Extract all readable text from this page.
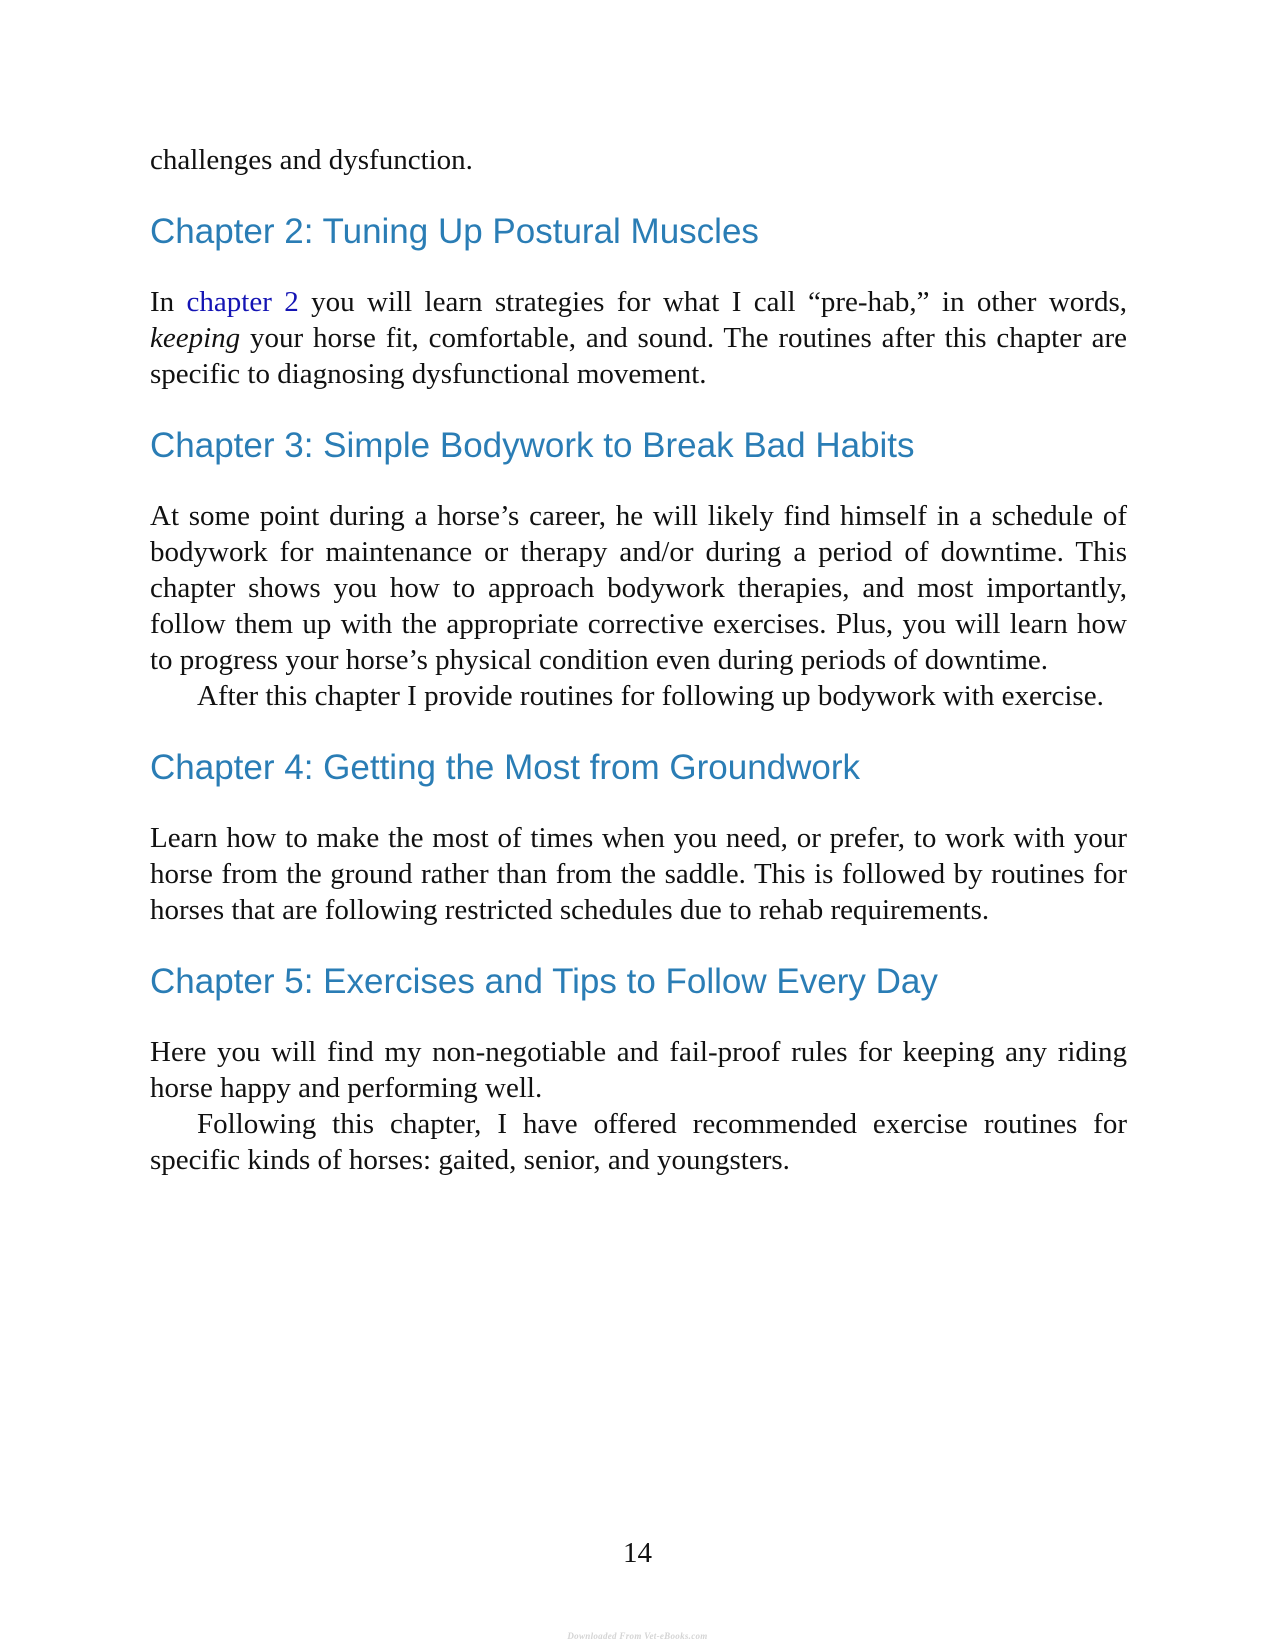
challenges and dysfunction.

Chapter 2: Tuning Up Postural Muscles

In chapter 2 you will learn strategies for what I call “pre-hab,” in other words, keeping your horse fit, comfortable, and sound. The routines after this chapter are specific to diagnosing dysfunctional movement.

Chapter 3: Simple Bodywork to Break Bad Habits

At some point during a horse’s career, he will likely find himself in a schedule of bodywork for maintenance or therapy and/or during a period of downtime. This chapter shows you how to approach bodywork therapies, and most importantly, follow them up with the appropriate corrective exercises. Plus, you will learn how to progress your horse’s physical condition even during periods of downtime.

After this chapter I provide routines for following up bodywork with exercise.

Chapter 4: Getting the Most from Groundwork

Learn how to make the most of times when you need, or prefer, to work with your horse from the ground rather than from the saddle. This is followed by routines for horses that are following restricted schedules due to rehab requirements.

Chapter 5: Exercises and Tips to Follow Every Day

Here you will find my non-negotiable and fail-proof rules for keeping any riding horse happy and performing well.

Following this chapter, I have offered recommended exercise routines for specific kinds of horses: gaited, senior, and youngsters.

14
Downloaded From Vet-eBooks.com
